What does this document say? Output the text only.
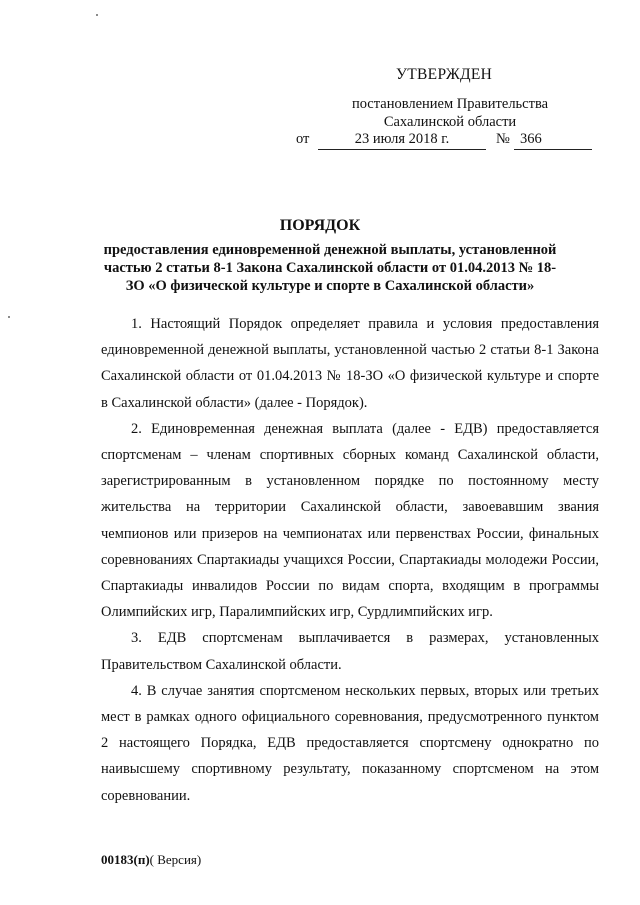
УТВЕРЖДЕН
постановлением Правительства
Сахалинской области
от	23 июля 2018 г.	№ 366
ПОРЯДОК
предоставления единовременной денежной выплаты, установленной частью 2 статьи 8-1 Закона Сахалинской области от 01.04.2013 № 18-ЗО «О физической культуре и спорте в Сахалинской области»

1. Настоящий Порядок определяет правила и условия предоставления единовременной денежной выплаты, установленной частью 2 статьи 8-1 Закона Сахалинской области от 01.04.2013 № 18-ЗО «О физической культуре и спорте в Сахалинской области» (далее - Порядок).

2. Единовременная денежная выплата (далее - ЕДВ) предоставляется спортсменам – членам спортивных сборных команд Сахалинской области, зарегистрированным в установленном порядке по постоянному месту жительства на территории Сахалинской области, завоевавшим звания чемпионов или призеров на чемпионатах или первенствах России, финальных соревнованиях Спартакиады учащихся России, Спартакиады молодежи России, Спартакиады инвалидов России по видам спорта, входящим в программы Олимпийских игр, Паралимпийских игр, Сурдлимпийских игр.

3. ЕДВ спортсменам выплачивается в размерах, установленных Правительством Сахалинской области.

4. В случае занятия спортсменом нескольких первых, вторых или третьих мест в рамках одного официального соревнования, предусмотренного пунктом 2 настоящего Порядка, ЕДВ предоставляется спортсмену однократно по наивысшему спортивному результату, показанному спортсменом на этом соревновании.

00183(п)( Версия)
